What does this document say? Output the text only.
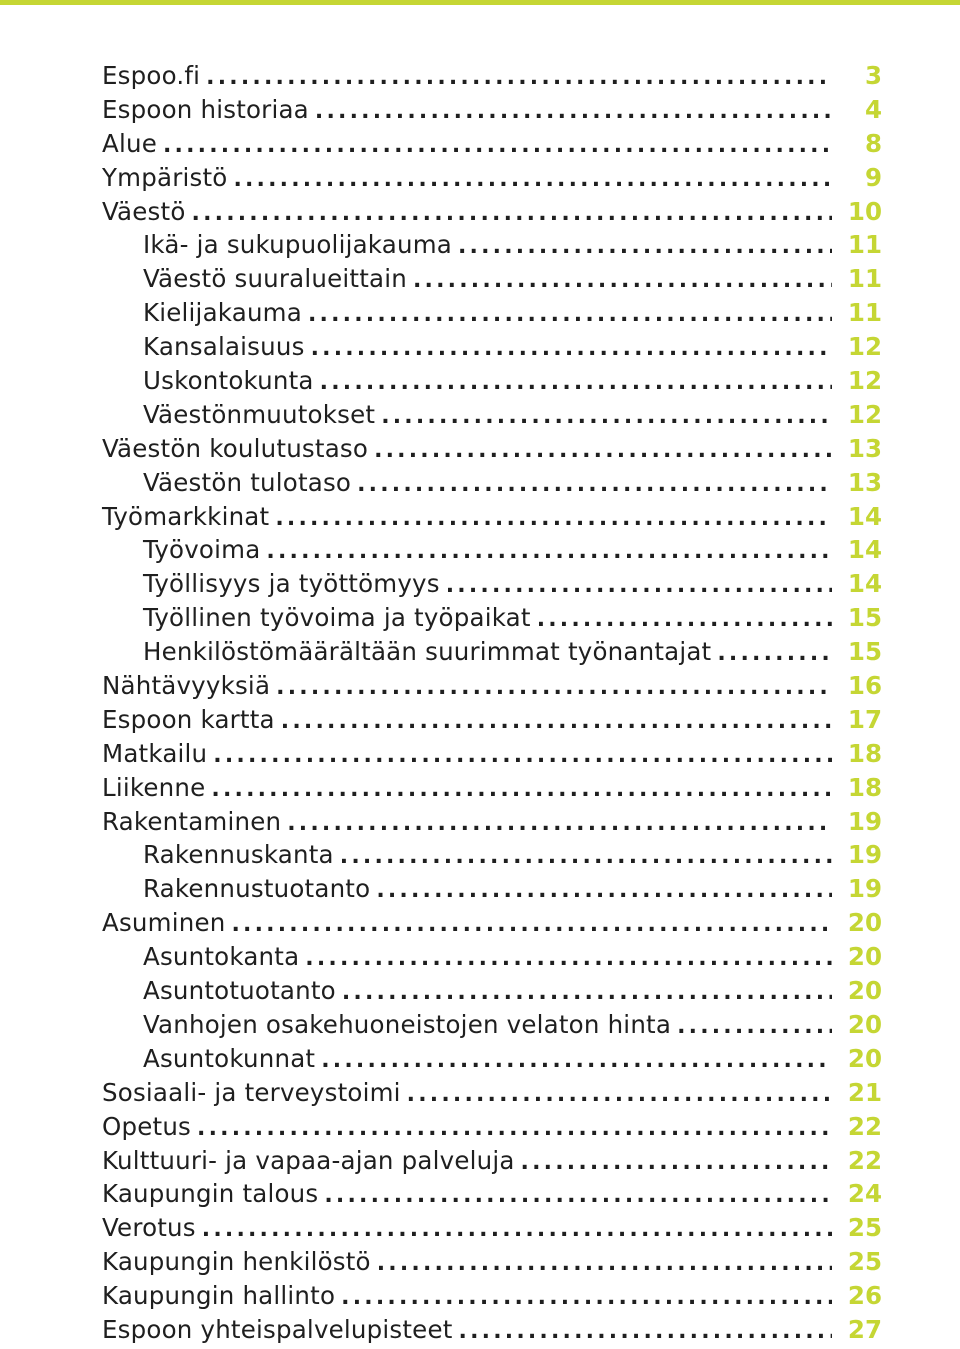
Espoo.fi .....	3
Espoon historiaa .....	4
Alue .....	8
Ympäristö .....	9
Väestö .....	10
Ikä- ja sukupuolijakauma .....	11
Väestö suuralueittain .....	11
Kielijakauma .....	11
Kansalaisuus .....	12
Uskontokunta .....	12
Väestönmuutokset .....	12
Väestön koulutustaso .....	13
Väestön tulotaso .....	13
Työmarkkinat .....	14
Työvoima .....	14
Työllisyys ja työttömyys .....	14
Työllinen työvoima ja työpaikat .....	15
Henkilöstömäärältään suurimmat työnantajat .....	15
Nähtävyyksiä .....	16
Espoon kartta .....	17
Matkailu .....	18
Liikenne .....	18
Rakentaminen .....	19
Rakennuskanta .....	19
Rakennustuotanto .....	19
Asuminen .....	20
Asuntokanta .....	20
Asuntotuotanto .....	20
Vanhojen osakehuoneistojen velaton hinta .....	20
Asuntokunnat .....	20
Sosiaali- ja terveystoimi .....	21
Opetus .....	22
Kulttuuri- ja vapaa-ajan palveluja .....	22
Kaupungin talous .....	24
Verotus .....	25
Kaupungin henkilöstö .....	25
Kaupungin hallinto .....	26
Espoon yhteispalvelupisteet .....	27
